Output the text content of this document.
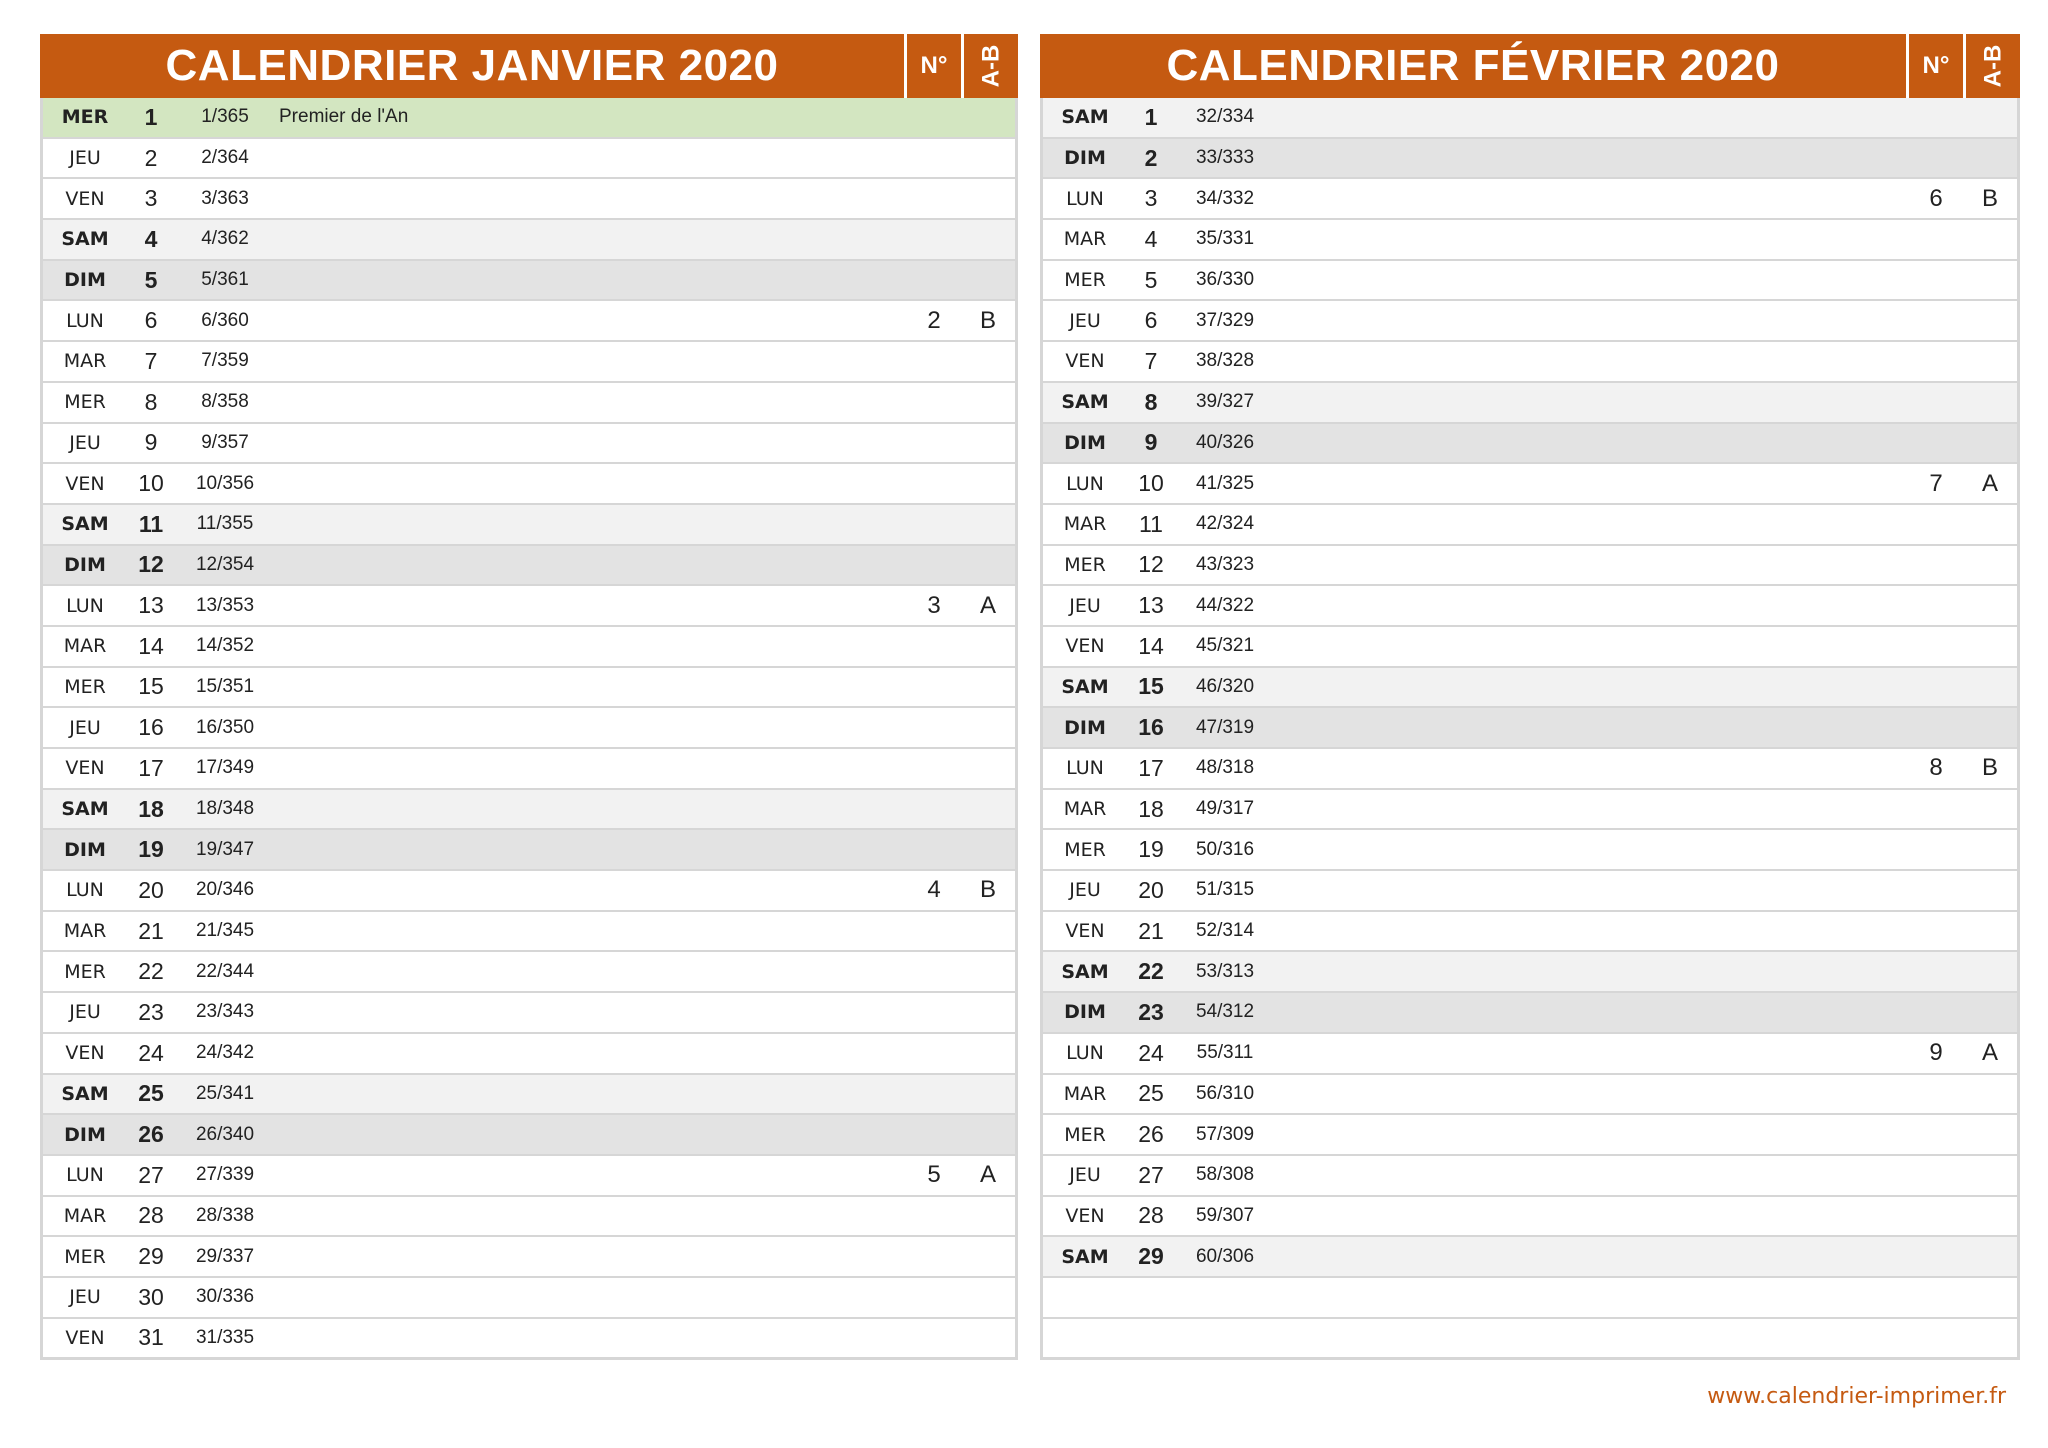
CALENDRIER JANVIER 2020	N°	A-B
MER	1	1/365	Premier de l'An
JEU	2	2/364
VEN	3	3/363
SAM	4	4/362
DIM	5	5/361
LUN	6	6/360	2	B
MAR	7	7/359
MER	8	8/358
JEU	9	9/357
VEN	10	10/356
SAM	11	11/355
DIM	12	12/354
LUN	13	13/353	3	A
MAR	14	14/352
MER	15	15/351
JEU	16	16/350
VEN	17	17/349
SAM	18	18/348
DIM	19	19/347
LUN	20	20/346	4	B
MAR	21	21/345
MER	22	22/344
JEU	23	23/343
VEN	24	24/342
SAM	25	25/341
DIM	26	26/340
LUN	27	27/339	5	A
MAR	28	28/338
MER	29	29/337
JEU	30	30/336
VEN	31	31/335
CALENDRIER FÉVRIER 2020	N°	A-B
SAM	1	32/334
DIM	2	33/333
LUN	3	34/332	6	B
MAR	4	35/331
MER	5	36/330
JEU	6	37/329
VEN	7	38/328
SAM	8	39/327
DIM	9	40/326
LUN	10	41/325	7	A
MAR	11	42/324
MER	12	43/323
JEU	13	44/322
VEN	14	45/321
SAM	15	46/320
DIM	16	47/319
LUN	17	48/318	8	B
MAR	18	49/317
MER	19	50/316
JEU	20	51/315
VEN	21	52/314
SAM	22	53/313
DIM	23	54/312
LUN	24	55/311	9	A
MAR	25	56/310
MER	26	57/309
JEU	27	58/308
VEN	28	59/307
SAM	29	60/306
www.calendrier-imprimer.fr
